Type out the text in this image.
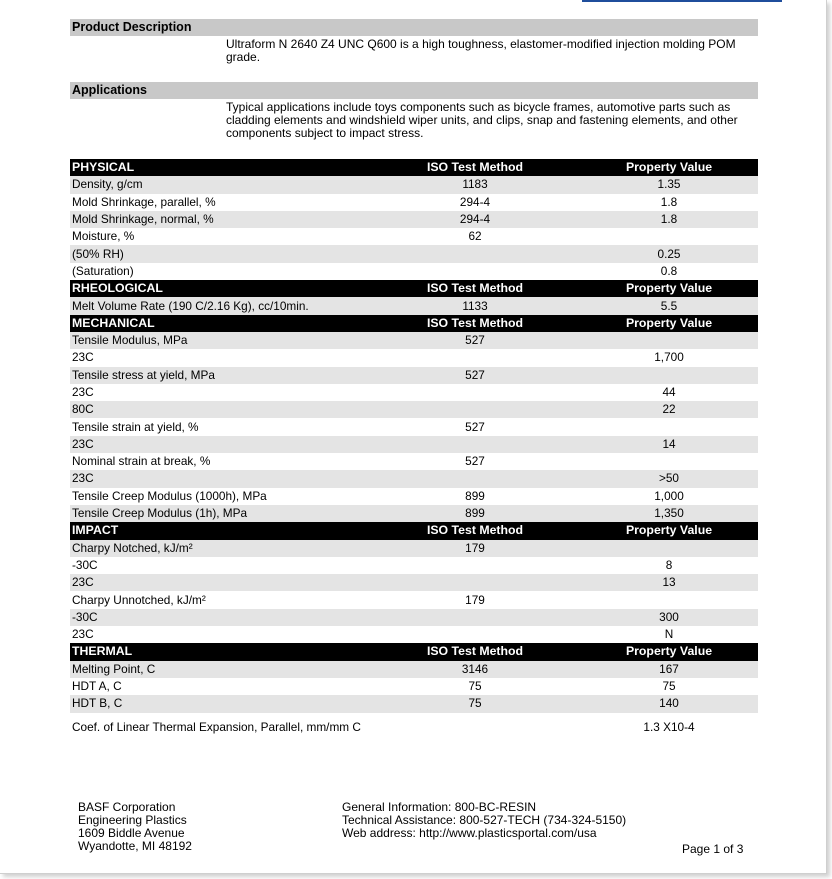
Product Description
Ultraform N 2640 Z4 UNC Q600 is a high toughness, elastomer-modified injection molding POM grade.
Applications
Typical applications include toys components such as bicycle frames, automotive parts such as cladding elements and windshield wiper units, and clips, snap and fastening elements, and other components subject to impact stress.
PHYSICAL	ISO Test Method	Property Value
Density, g/cm	1183	1.35
Mold Shrinkage, parallel, %	294-4	1.8
Mold Shrinkage, normal, %	294-4	1.8
Moisture, %	62	
(50% RH)		0.25
(Saturation)		0.8
RHEOLOGICAL	ISO Test Method	Property Value
Melt Volume Rate (190 C/2.16 Kg), cc/10min.	1133	5.5
MECHANICAL	ISO Test Method	Property Value
Tensile Modulus, MPa	527	
23C		1,700
Tensile stress at yield, MPa	527	
23C		44
80C		22
Tensile strain at yield, %	527	
23C		14
Nominal strain at break, %	527	
23C		>50
Tensile Creep Modulus (1000h), MPa	899	1,000
Tensile Creep Modulus (1h), MPa	899	1,350
IMPACT	ISO Test Method	Property Value
Charpy Notched, kJ/m²	179	
-30C		8
23C		13
Charpy Unnotched, kJ/m²	179	
-30C		300
23C		N
THERMAL	ISO Test Method	Property Value
Melting Point, C	3146	167
HDT A, C	75	75
HDT B, C	75	140
Coef. of Linear Thermal Expansion, Parallel, mm/mm C		1.3 X10-4
BASF Corporation
Engineering Plastics
1609 Biddle Avenue
Wyandotte, MI 48192
General Information: 800-BC-RESIN
Technical Assistance: 800-527-TECH (734-324-5150)
Web address: http://www.plasticsportal.com/usa
Page 1 of 3
